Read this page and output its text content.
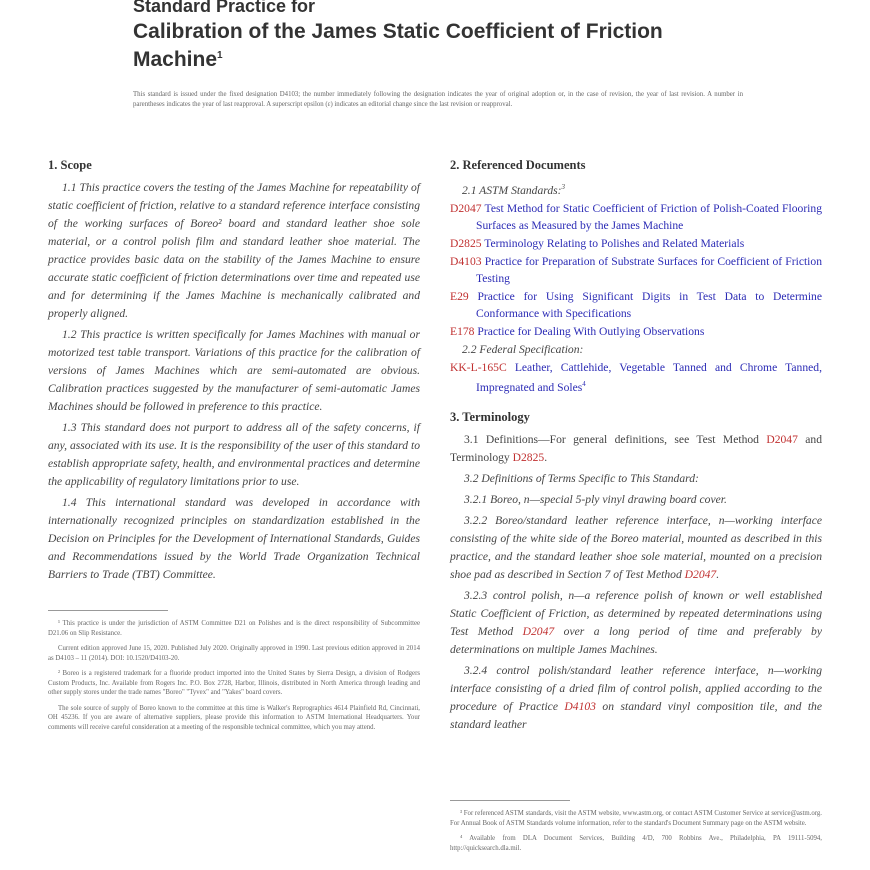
Standard Practice for
Calibration of the James Static Coefficient of Friction Machine$^1$
This standard is issued under the fixed designation D4103; the number immediately following the designation indicates the year of original adoption or, in the case of revision, the year of last revision. A number in parentheses indicates the year of last reapproval. A superscript epsilon (ε) indicates an editorial change since the last revision or reapproval.
1. Scope

1.1 This practice covers the testing of the James Machine for repeatability of static coefficient of friction, relative to a standard reference interface consisting of the working surfaces of Boreo² board and standard leather shoe sole material, or a control polish film and standard leather shoe material. The practice provides basic data on the stability of the James Machine to ensure accurate static coefficient of friction determinations over time and repeated use and for determining if the James Machine is mechanically calibrated and properly aligned.

1.2 This practice is written specifically for James Machines with manual or motorized test table transport. Variations of this practice for the calibration of versions of James Machines which are semi-automated are obvious. Calibration practices suggested by the manufacturer of semi-automatic James Machines should be followed in preference to this practice.

1.3 This standard does not purport to address all of the safety concerns, if any, associated with its use. It is the responsibility of the user of this standard to establish appropriate safety, health, and environmental practices and determine the applicability of regulatory limitations prior to use.

1.4 This international standard was developed in accordance with internationally recognized principles on standardization established in the Decision on Principles for the Development of International Standards, Guides and Recommendations issued by the World Trade Organization Technical Barriers to Trade (TBT) Committee.

¹ This practice is under the jurisdiction of ASTM Committee D21 on Polishes and is the direct responsibility of Subcommittee D21.06 on Slip Resistance.

Current edition approved June 15, 2020. Published July 2020. Originally approved in 1990. Last previous edition approved in 2014 as D4103 – 11 (2014). DOI: 10.1520/D4103-20.

² Boreo is a registered trademark for a fluoride product imported into the United States by Sierra Design, a division of Rodgers Custom Products, Inc. Available from Rogers Inc. P.O. Box 2728, Harbor, Illinois, distributed in North America through leading and other supply stores under the trade names "Boreo" "Tyvex" and "Yakes" board covers.

The sole source of supply of Boreo known to the committee at this time is Walker's Reprographics 4614 Plainfield Rd, Cincinnati, OH 45236. If you are aware of alternative suppliers, please provide this information to ASTM International Headquarters. Your comments will receive careful consideration at a meeting of the responsible technical committee, which you may attend.

2. Referenced Documents
2.1 ASTM Standards:$^3$
D2047 Test Method for Static Coefficient of Friction of Polish-Coated Flooring Surfaces as Measured by the James Machine
D2825 Terminology Relating to Polishes and Related Materials
D4103 Practice for Preparation of Substrate Surfaces for Coefficient of Friction Testing
E29 Practice for Using Significant Digits in Test Data to Determine Conformance with Specifications
E178 Practice for Dealing With Outlying Observations
2.2 Federal Specification:
KK-L-165C Leather, Cattlehide, Vegetable Tanned and Chrome Tanned, Impregnated and Soles$^4$
3. Terminology

3.1 Definitions—For general definitions, see Test Method D2047 and Terminology D2825.

3.2 Definitions of Terms Specific to This Standard:

3.2.1 Boreo, n—special 5-ply vinyl drawing board cover.

3.2.2 Boreo/standard leather reference interface, n—working interface consisting of the white side of the Boreo material, mounted as described in this practice, and the standard leather shoe sole material, mounted on a precision shoe pad as described in Section 7 of Test Method D2047.

3.2.3 control polish, n—a reference polish of known or well established Static Coefficient of Friction, as determined by repeated determinations using Test Method D2047 over a long period of time and preferably by determinations on multiple James Machines.

3.2.4 control polish/standard leather reference interface, n—working interface consisting of a dried film of control polish, applied according to the procedure of Practice D4103 on standard vinyl composition tile, and the standard leather

³ For referenced ASTM standards, visit the ASTM website, www.astm.org, or contact ASTM Customer Service at service@astm.org. For Annual Book of ASTM Standards volume information, refer to the standard's Document Summary page on the ASTM website.

⁴ Available from DLA Document Services, Building 4/D, 700 Robbins Ave., Philadelphia, PA 19111-5094, http://quicksearch.dla.mil.
